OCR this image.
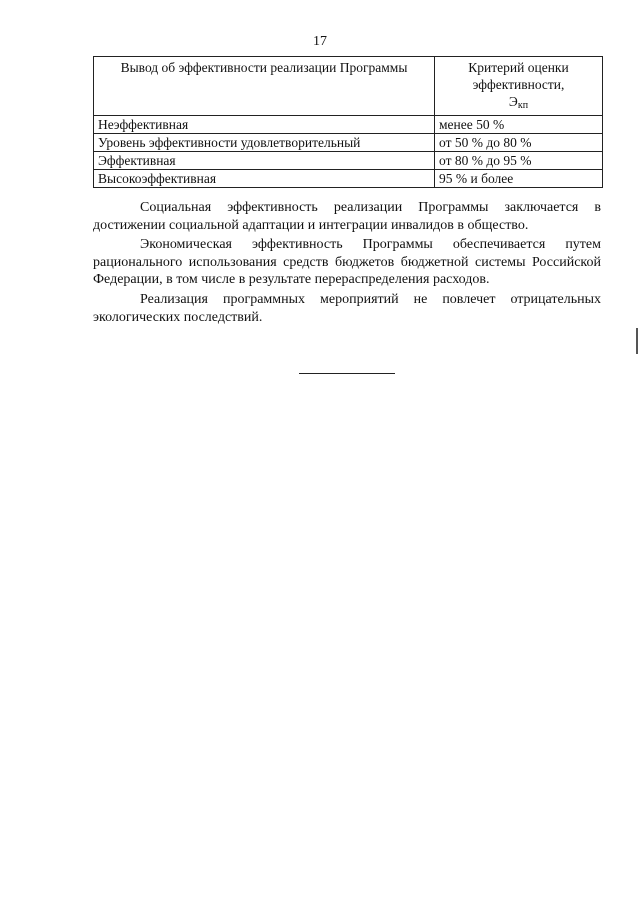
17
Вывод об эффективности реализации Программы	Критерий оценки
эффективности,
$Э_{кп}$
Неэффективная	менее 50 %
Уровень эффективности удовлетворительный	от 50 % до 80 %
Эффективная	от 80 % до 95 %
Высокоэффективная	95 % и более

Социальная эффективность реализации Программы заключается в достижении социальной адаптации и интеграции инвалидов в общество.

Экономическая эффективность Программы обеспечивается путем рационального использования средств бюджетов бюджетной системы Российской Федерации, в том числе в результате перераспределения расходов.

Реализация программных мероприятий не повлечет отрицательных экологических последствий.
